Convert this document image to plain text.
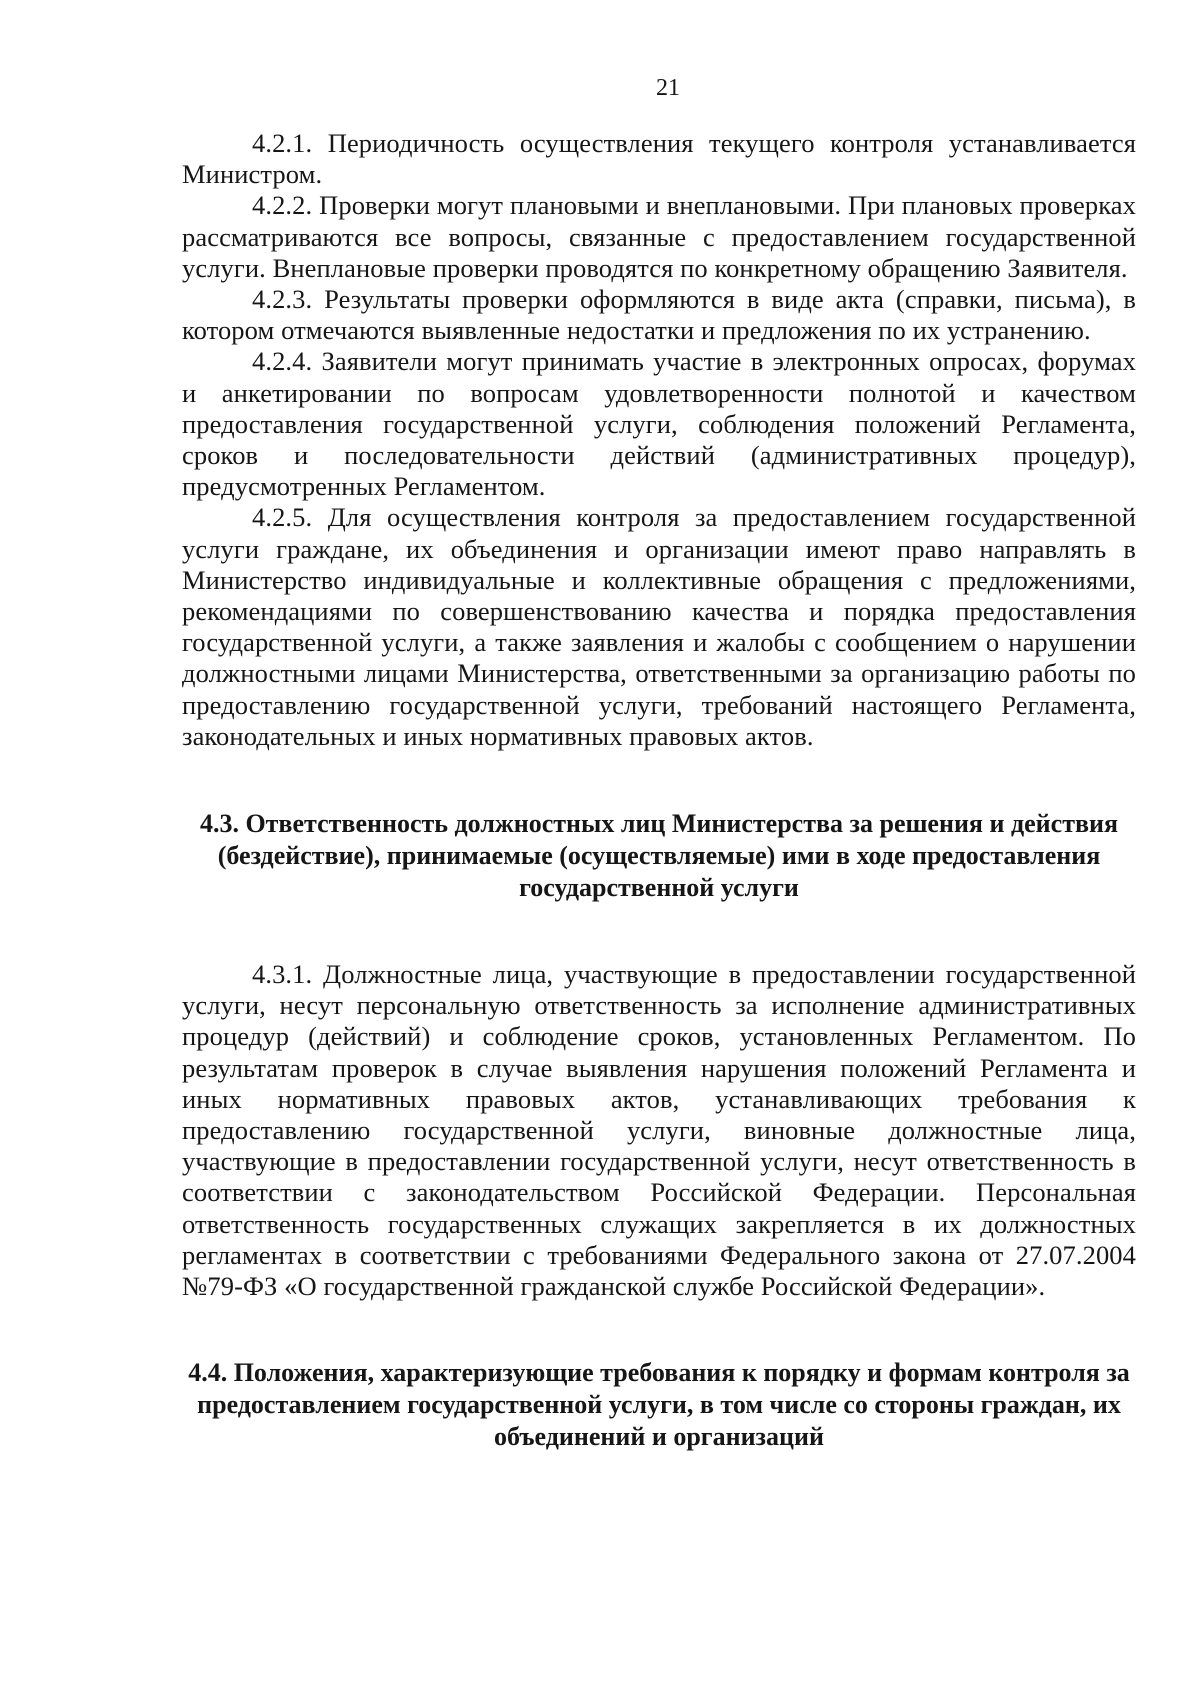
21

4.2.1. Периодичность осуществления текущего контроля устанавливается Министром.

4.2.2. Проверки могут плановыми и внеплановыми. При плановых проверках рассматриваются все вопросы, связанные с предоставлением государственной услуги. Внеплановые проверки проводятся по конкретному обращению Заявителя.

4.2.3. Результаты проверки оформляются в виде акта (справки, письма), в котором отмечаются выявленные недостатки и предложения по их устранению.

4.2.4. Заявители могут принимать участие в электронных опросах, форумах и анкетировании по вопросам удовлетворенности полнотой и качеством предоставления государственной услуги, соблюдения положений Регламента, сроков и последовательности действий (административных процедур), предусмотренных Регламентом.

4.2.5. Для осуществления контроля за предоставлением государственной услуги граждане, их объединения и организации имеют право направлять в Министерство индивидуальные и коллективные обращения с предложениями, рекомендациями по совершенствованию качества и порядка предоставления государственной услуги, а также заявления и жалобы с сообщением о нарушении должностными лицами Министерства, ответственными за организацию работы по предоставлению государственной услуги, требований настоящего Регламента, законодательных и иных нормативных правовых актов.

4.3. Ответственность должностных лиц Министерства за решения и действия (бездействие), принимаемые (осуществляемые) ими в ходе предоставления государственной услуги

4.3.1. Должностные лица, участвующие в предоставлении государственной услуги, несут персональную ответственность за исполнение административных процедур (действий) и соблюдение сроков, установленных Регламентом. По результатам проверок в случае выявления нарушения положений Регламента и иных нормативных правовых актов, устанавливающих требования к предоставлению государственной услуги, виновные должностные лица, участвующие в предоставлении государственной услуги, несут ответственность в соответствии с законодательством Российской Федерации. Персональная ответственность государственных служащих закрепляется в их должностных регламентах в соответствии с требованиями Федерального закона от 27.07.2004 №79-ФЗ «О государственной гражданской службе Российской Федерации».

4.4. Положения, характеризующие требования к порядку и формам контроля за предоставлением государственной услуги, в том числе со стороны граждан, их объединений и организаций
